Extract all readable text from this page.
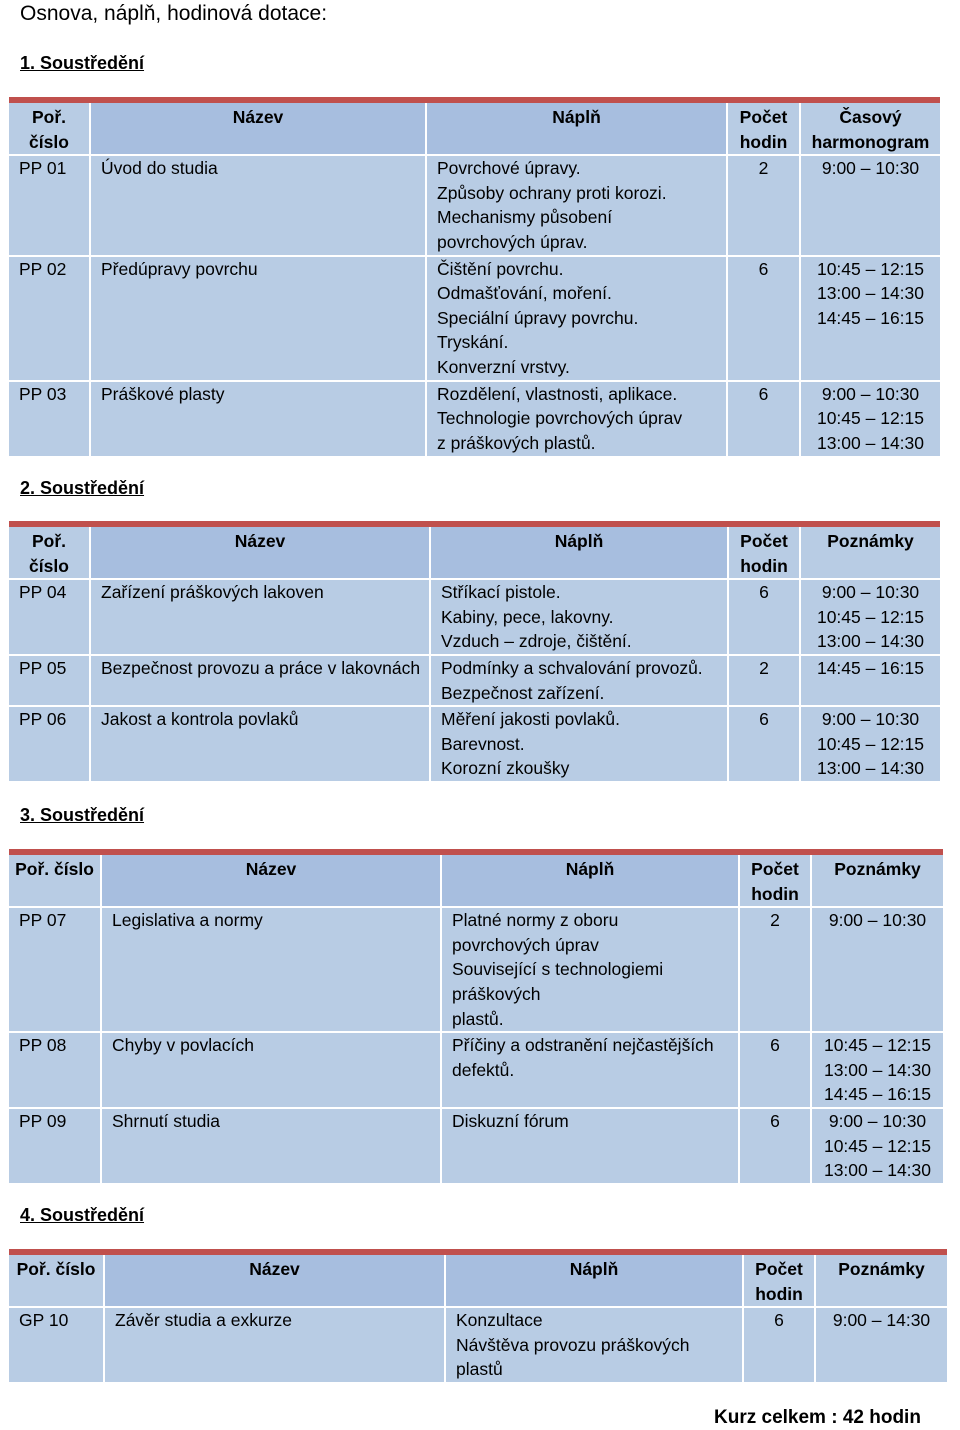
Osnova, náplň, hodinová dotace:
1. Soustředění
Poř. číslo	Název	Náplň	Počet hodin	Časový harmonogram
PP 01	Úvod do studia	Povrchové úpravy.
Způsoby ochrany proti korozi.
Mechanismy působení
povrchových úprav.	2	9:00 – 10:30

PP 02	Předúpravy povrchu	Čištění povrchu.
Odmašťování, moření.
Speciální úpravy povrchu.
Tryskání.
Konverzní vrstvy.	6	10:45 – 12:15
13:00 – 14:30
14:45 – 16:15

PP 03	Práškové plasty	Rozdělení, vlastnosti, aplikace.
Technologie povrchových úprav
z práškových plastů.	6	9:00 – 10:30
10:45 – 12:15
13:00 – 14:30
2. Soustředění
Poř. číslo	Název	Náplň	Počet hodin	Poznámky
PP 04	Zařízení práškových lakoven	Stříkací pistole.
Kabiny, pece, lakovny.
Vzduch – zdroje, čištění.	6	9:00 – 10:30
10:45 – 12:15
13:00 – 14:30

PP 05	Bezpečnost provozu a práce v lakovnách	Podmínky a schvalování provozů.
Bezpečnost zařízení.	2	14:45 – 16:15

PP 06	Jakost a kontrola povlaků	Měření jakosti povlaků.
Barevnost.
Korozní zkoušky	6	9:00 – 10:30
10:45 – 12:15
13:00 – 14:30
3. Soustředění
Poř. číslo	Název	Náplň	Počet hodin	Poznámky
PP 07	Legislativa a normy	Platné normy z oboru
povrchových úprav
Související s technologiemi
práškových
plastů.	2	9:00 – 10:30

PP 08	Chyby v povlacích	Příčiny a odstranění nejčastějších
defektů.	6	10:45 – 12:15
13:00 – 14:30
14:45 – 16:15

PP 09	Shrnutí studia	Diskuzní fórum	6	9:00 – 10:30
10:45 – 12:15
13:00 – 14:30
4. Soustředění
Poř. číslo	Název	Náplň	Počet hodin	Poznámky
GP 10	Závěr studia a exkurze	Konzultace
Návštěva provozu práškových
plastů	6	9:00 – 14:30
Kurz celkem : 42 hodin
